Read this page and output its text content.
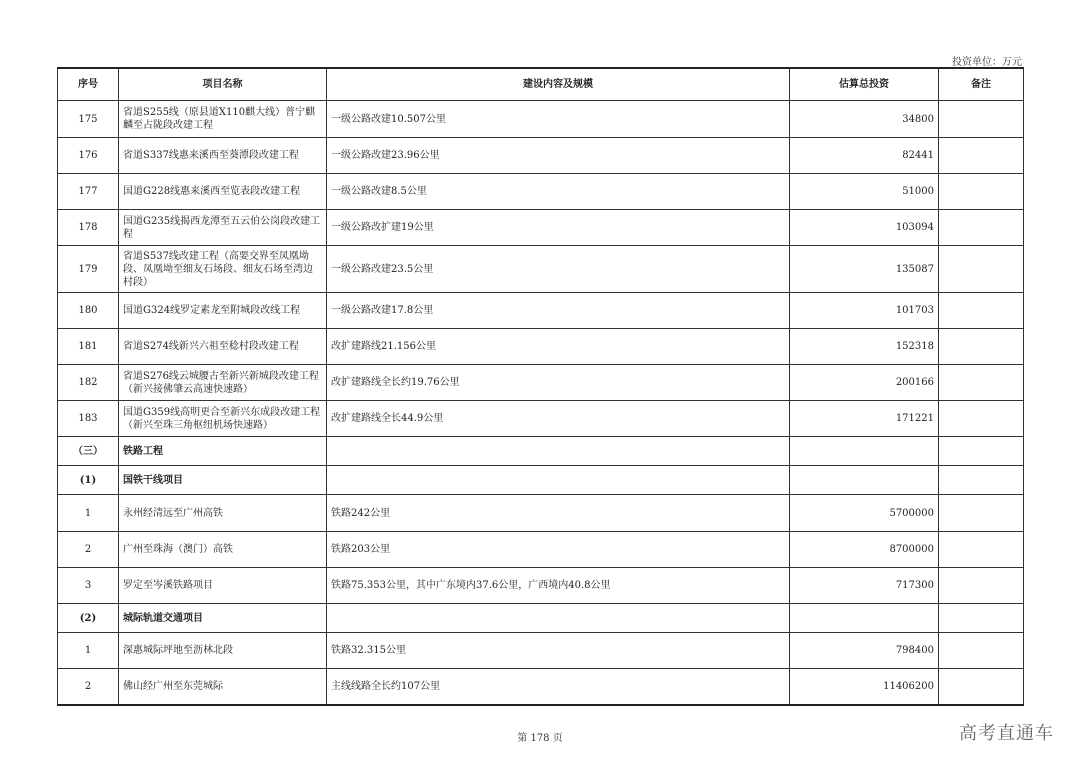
投资单位：万元
序号	项目名称	建设内容及规模	估算总投资	备注
175	省道S255线（原县道X110麒大线）普宁麒麟至占陇段改建工程	一级公路改建10.507公里	34800	
176	省道S337线惠来溪西至葵潭段改建工程	一级公路改建23.96公里	82441	
177	国道G228线惠来溪西至览表段改建工程	一级公路改建8.5公里	51000	
178	国道G235线揭西龙潭至五云伯公岗段改建工程	一级公路改扩建19公里	103094	
179	省道S537线改建工程（高要交界至凤凰坳段、凤凰坳至细友石场段、细友石场至湾边村段）	一级公路改建23.5公里	135087	
180	国道G324线罗定素龙至附城段改线工程	一级公路改建17.8公里	101703	
181	省道S274线新兴六祖至稔村段改建工程	改扩建路线21.156公里	152318	
182	省道S276线云城腰古至新兴新城段改建工程（新兴接佛肇云高速快速路）	改扩建路线全长约19.76公里	200166	
183	国道G359线高明更合至新兴东成段改建工程（新兴至珠三角枢纽机场快速路）	改扩建路线全长44.9公里	171221	
（三）	铁路工程			
(1)	国铁干线项目			
1	永州经清远至广州高铁	铁路242公里	5700000	
2	广州至珠海（澳门）高铁	铁路203公里	8700000	
3	罗定至岑溪铁路项目	铁路75.353公里，其中广东境内37.6公里，广西境内40.8公里	717300	
(2)	城际轨道交通项目			
1	深惠城际坪地至沥林北段	铁路32.315公里	798400	
2	佛山经广州至东莞城际	主线线路全长约107公里	11406200	
第 178 页	高考直通车
